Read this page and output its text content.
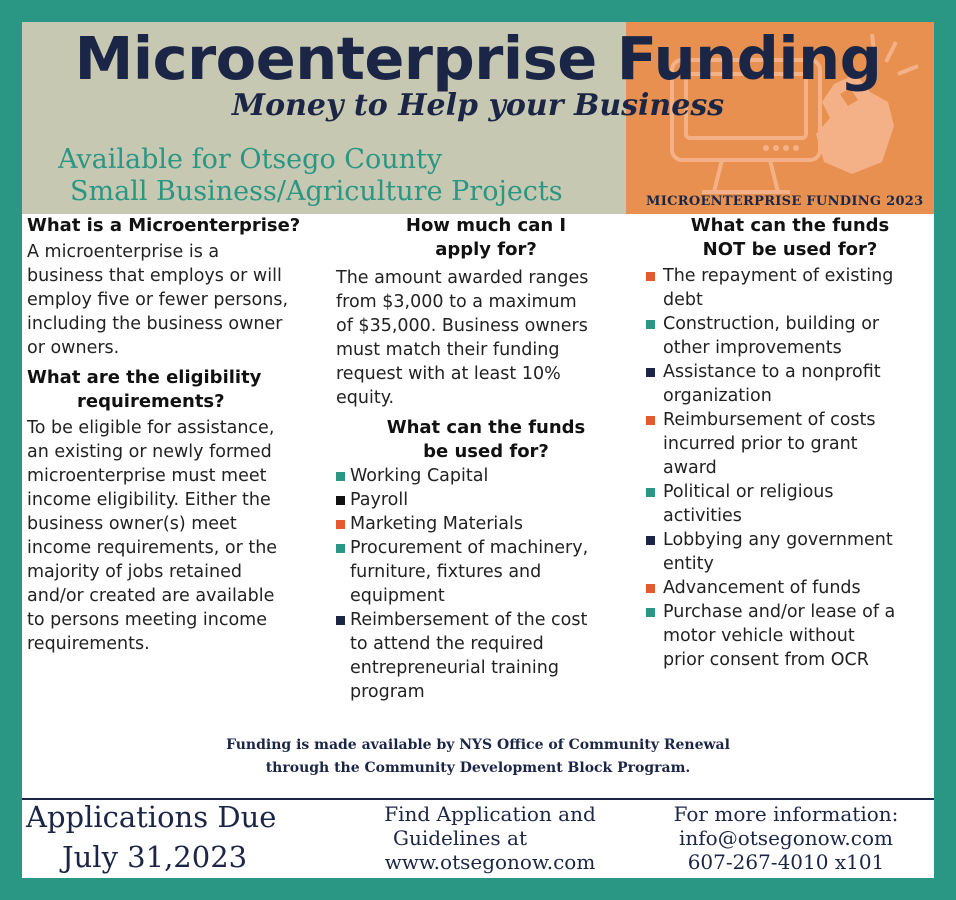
Microenterprise Funding
Money to Help your Business
Available for Otsego County
Small Business/Agriculture Projects	MICROENTERPRISE FUNDING 2023
What is a Microenterprise?

A microenterprise is a
business that employs or will
employ five or fewer persons,
including the business owner
or owners.

What are the eligibility
requirements?

To be eligible for assistance,
an existing or newly formed
microenterprise must meet
income eligibility. Either the
business owner(s) meet
income requirements, or the
majority of jobs retained
and/or created are available
to persons meeting income
requirements.

How much can I
apply for?

The amount awarded ranges
from $3,000 to a maximum
of $35,000. Business owners
must match their funding
request with at least 10%
equity.

What can the funds
be used for?
Working Capital
Payroll
Marketing Materials
Procurement of machinery,
furniture, fixtures and
equipment
Reimbersement of the cost
to attend the required
entrepreneurial training
program
What can the funds
NOT be used for?
The repayment of existing
debt
Construction, building or
other improvements
Assistance to a nonprofit
organization
Reimbursement of costs
incurred prior to grant
award
Political or religious
activities
Lobbying any government
entity
Advancement of funds
Purchase and/or lease of a
motor vehicle without
prior consent from OCR
Funding is made available by NYS Office of Community Renewal
through the Community Development Block Program.
Applications Due
July 31,2023
Find Application and
Guidelines at
www.otsegonow.com
For more information:
info@otsegonow.com
607-267-4010 x101
